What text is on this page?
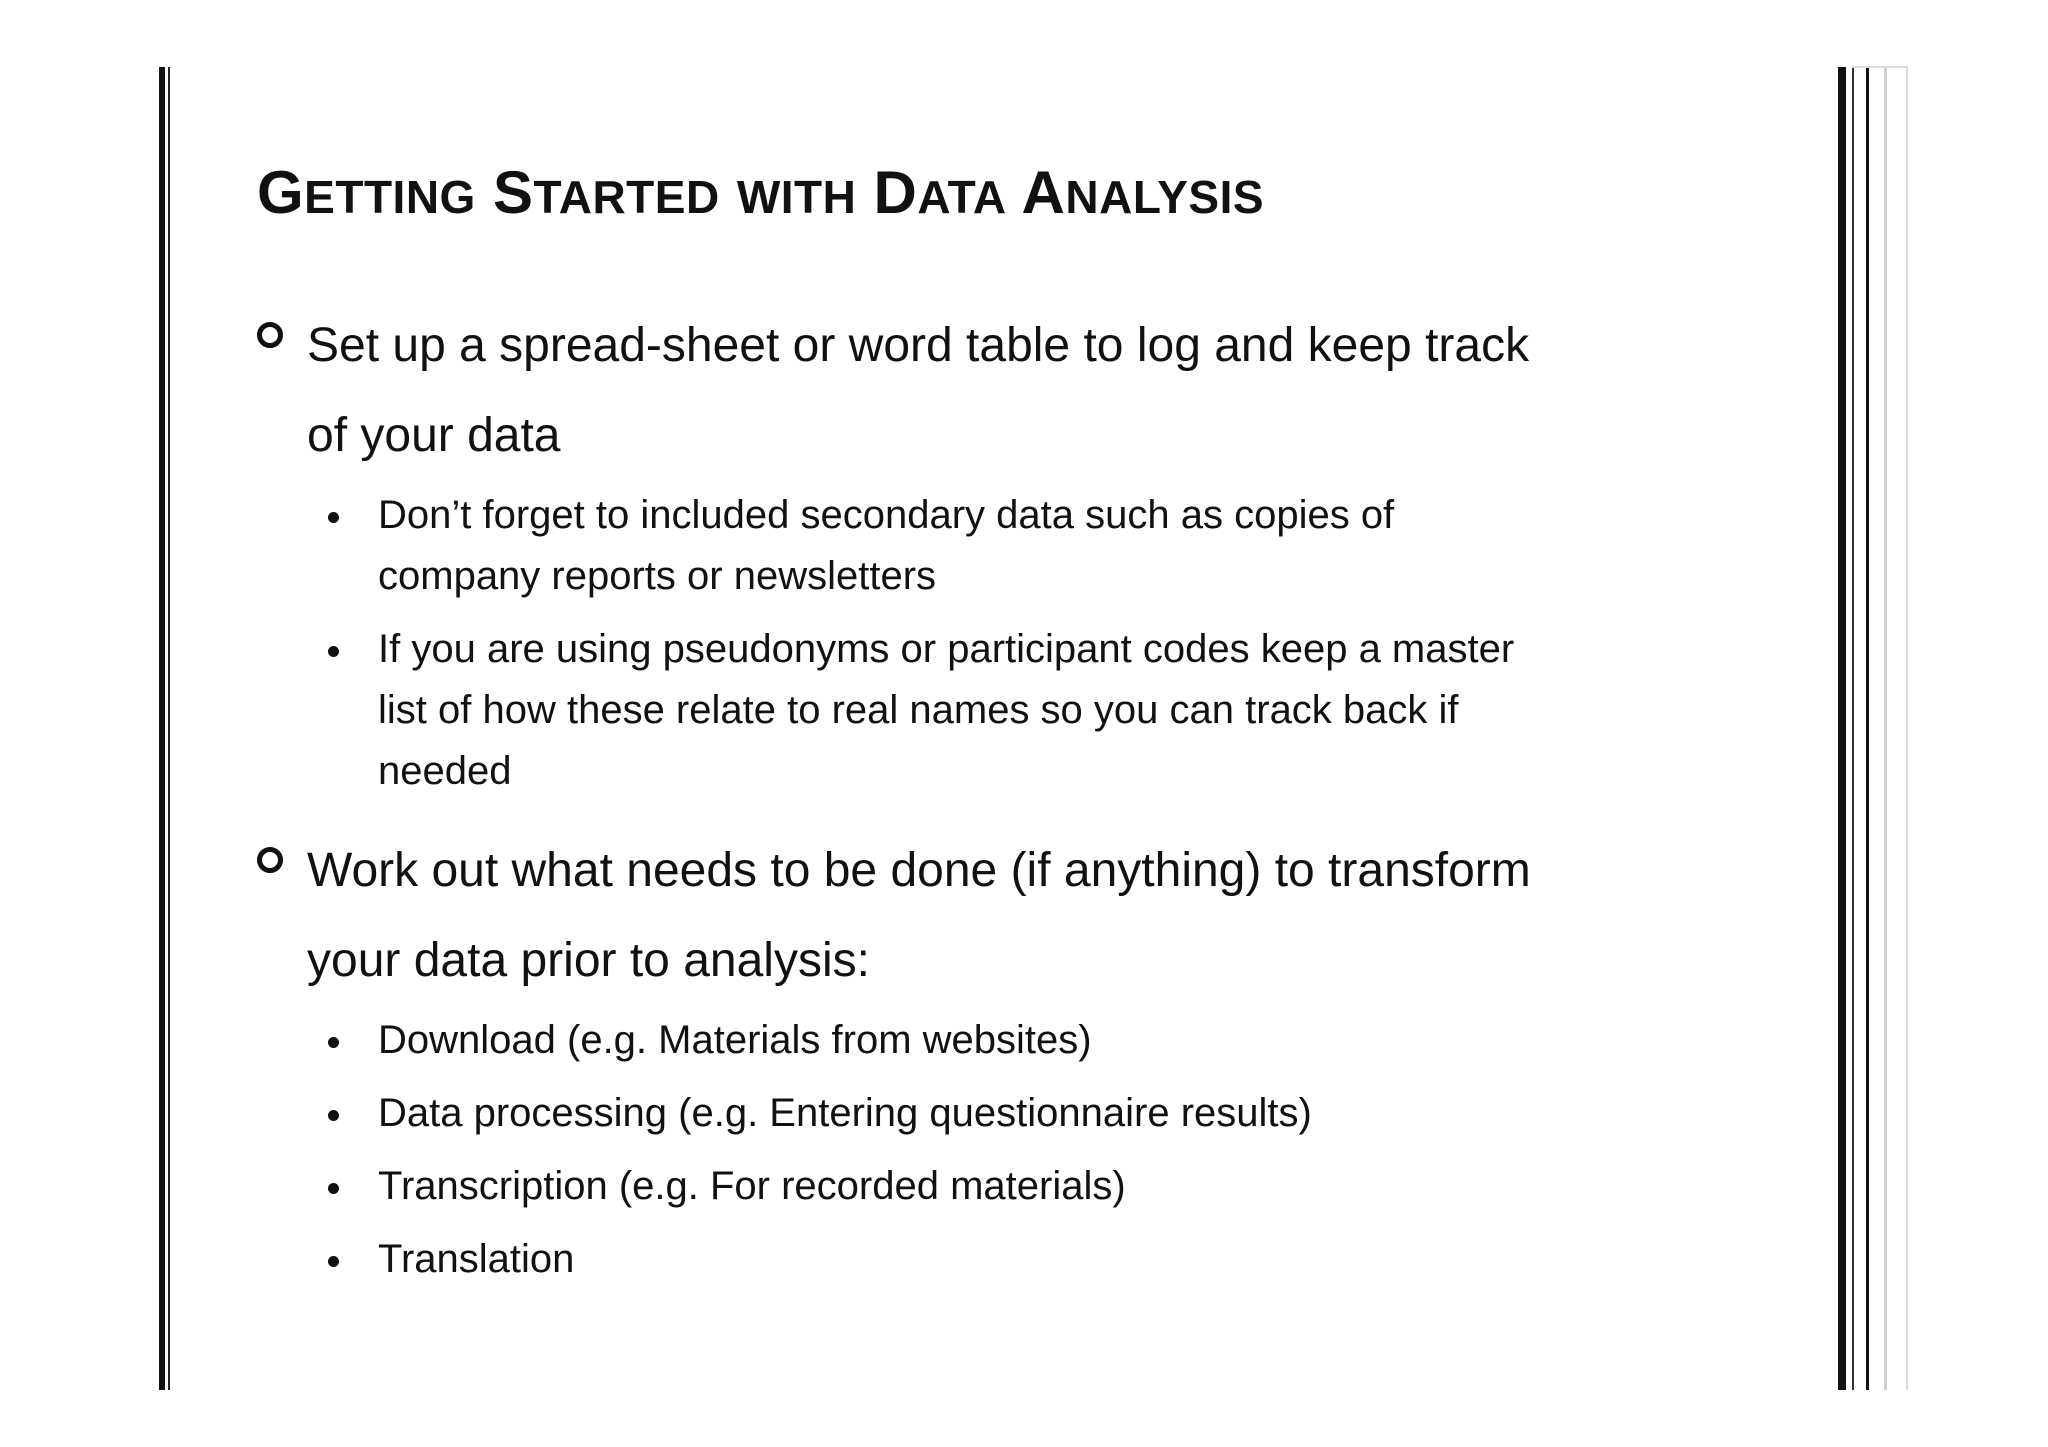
GETTING STARTED WITH DATA ANALYSIS
Set up a spread-sheet or word table to log and keep track
of your data
Don’t forget to included secondary data such as copies of
company reports or newsletters
If you are using pseudonyms or participant codes keep a master
list of how these relate to real names so you can track back if
needed
Work out what needs to be done (if anything) to transform
your data prior to analysis:
Download (e.g. Materials from websites)
Data processing (e.g. Entering questionnaire results)
Transcription (e.g. For recorded materials)
Translation
